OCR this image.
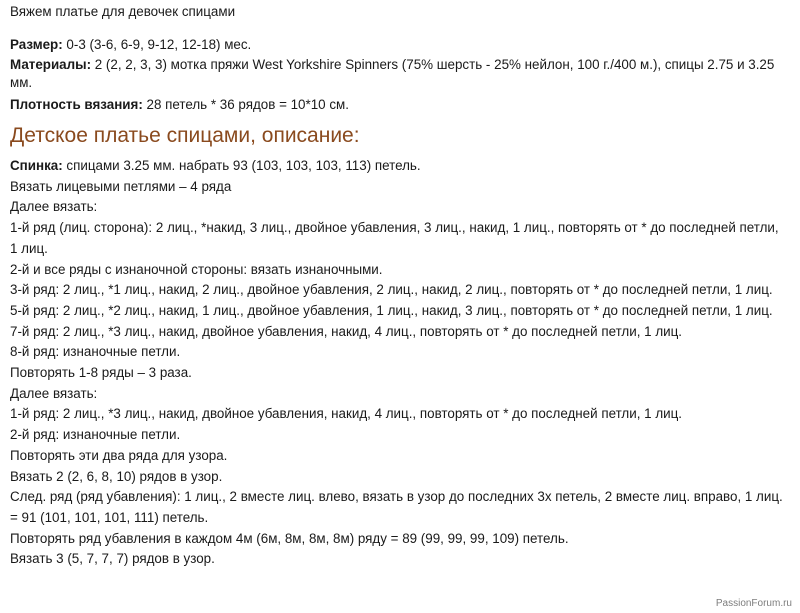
Вяжем платье для девочек спицами
Размер: 0-3 (3-6, 6-9, 9-12, 12-18) мес.
Материалы: 2 (2, 2, 3, 3) мотка пряжи West Yorkshire Spinners (75% шерсть - 25% нейлон, 100 г./400 м.), спицы 2.75 и 3.25 мм.
Плотность вязания: 28 петель * 36 рядов = 10*10 см.
Детское платье спицами, описание:
Спинка: спицами 3.25 мм. набрать 93 (103, 103, 103, 113) петель.
Вязать лицевыми петлями – 4 ряда
Далее вязать:
1-й ряд (лиц. сторона): 2 лиц., *накид, 3 лиц., двойное убавления, 3 лиц., накид, 1 лиц., повторять от * до последней петли, 1 лиц.
2-й и все ряды с изнаночной стороны: вязать изнаночными.
3-й ряд: 2 лиц., *1 лиц., накид, 2 лиц., двойное убавления, 2 лиц., накид, 2 лиц., повторять от * до последней петли, 1 лиц.
5-й ряд: 2 лиц., *2 лиц., накид, 1 лиц., двойное убавления, 1 лиц., накид, 3 лиц., повторять от * до последней петли, 1 лиц.
7-й ряд: 2 лиц., *3 лиц., накид, двойное убавления, накид, 4 лиц., повторять от * до последней петли, 1 лиц.
8-й ряд: изнаночные петли.
Повторять 1-8 ряды – 3 раза.
Далее вязать:
1-й ряд: 2 лиц., *3 лиц., накид, двойное убавления, накид, 4 лиц., повторять от * до последней петли, 1 лиц.
2-й ряд: изнаночные петли.
Повторять эти два ряда для узора.
Вязать 2 (2, 6, 8, 10) рядов в узор.
След. ряд (ряд убавления): 1 лиц., 2 вместе лиц. влево, вязать в узор до последних 3х петель, 2 вместе лиц. вправо, 1 лиц. = 91 (101, 101, 101, 111) петель.
Повторять ряд убавления в каждом 4м (6м, 8м, 8м, 8м) ряду = 89 (99, 99, 99, 109) петель.
Вязать 3 (5, 7, 7, 7) рядов в узор.
PassionForum.ru
